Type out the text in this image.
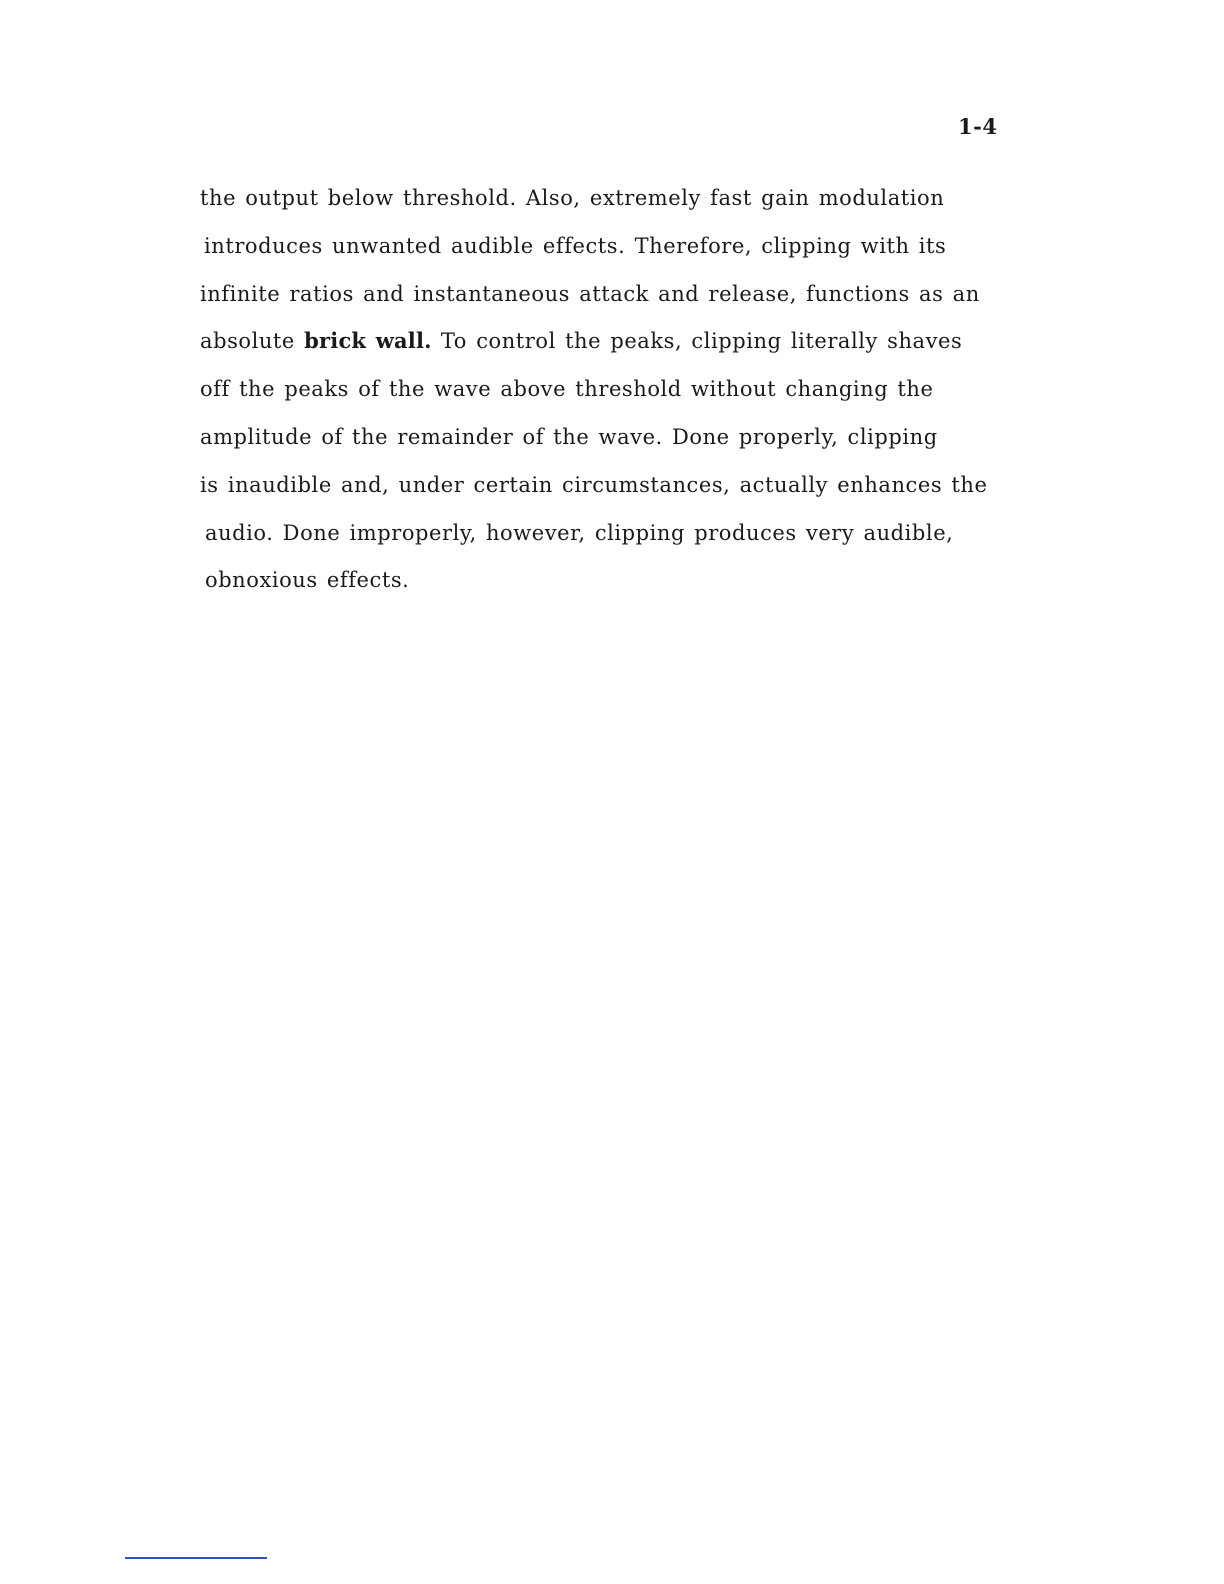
1-4
the output below threshold. Also, extremely fast gain modulation
introduces unwanted audible effects. Therefore, clipping with its
infinite ratios and instantaneous attack and release, functions as an
absolute brick wall. To control the peaks, clipping literally shaves
off the peaks of the wave above threshold without changing the
amplitude of the remainder of the wave. Done properly, clipping
is inaudible and, under certain circumstances, actually enhances the
audio. Done improperly, however, clipping produces very audible,
obnoxious effects.
